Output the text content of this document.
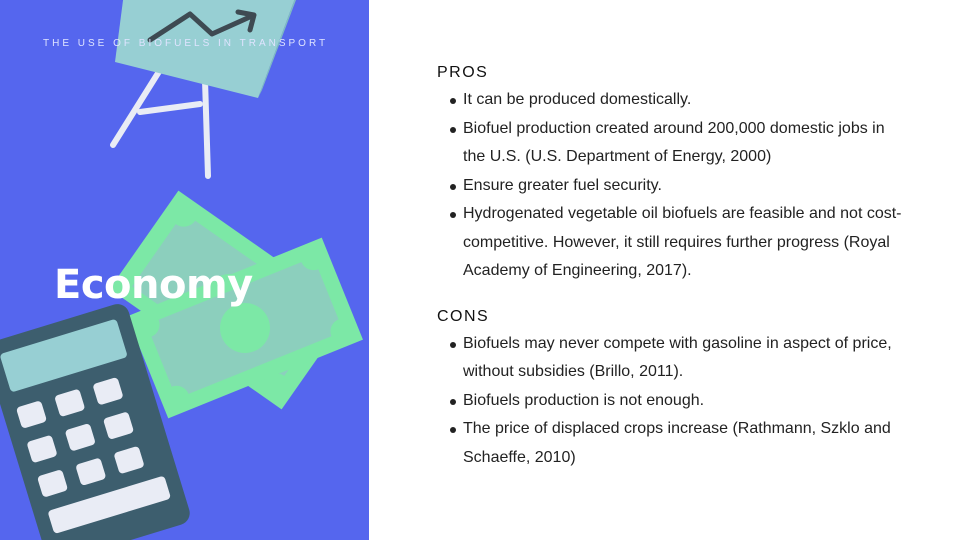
THE USE OF BIOFUELS IN TRANSPORT
Economy
PROS
It can be produced domestically.
Biofuel production created around 200,000 domestic jobs in the U.S. (U.S. Department of Energy, 2000)
Ensure greater fuel security.
Hydrogenated vegetable oil biofuels are feasible and not cost-competitive. However, it still requires further progress (Royal Academy of Engineering, 2017).
CONS
Biofuels may never compete with gasoline in aspect of price, without subsidies (Brillo, 2011).
Biofuels production is not enough.
The price of displaced crops increase (Rathmann, Szklo and Schaeffe, 2010)
